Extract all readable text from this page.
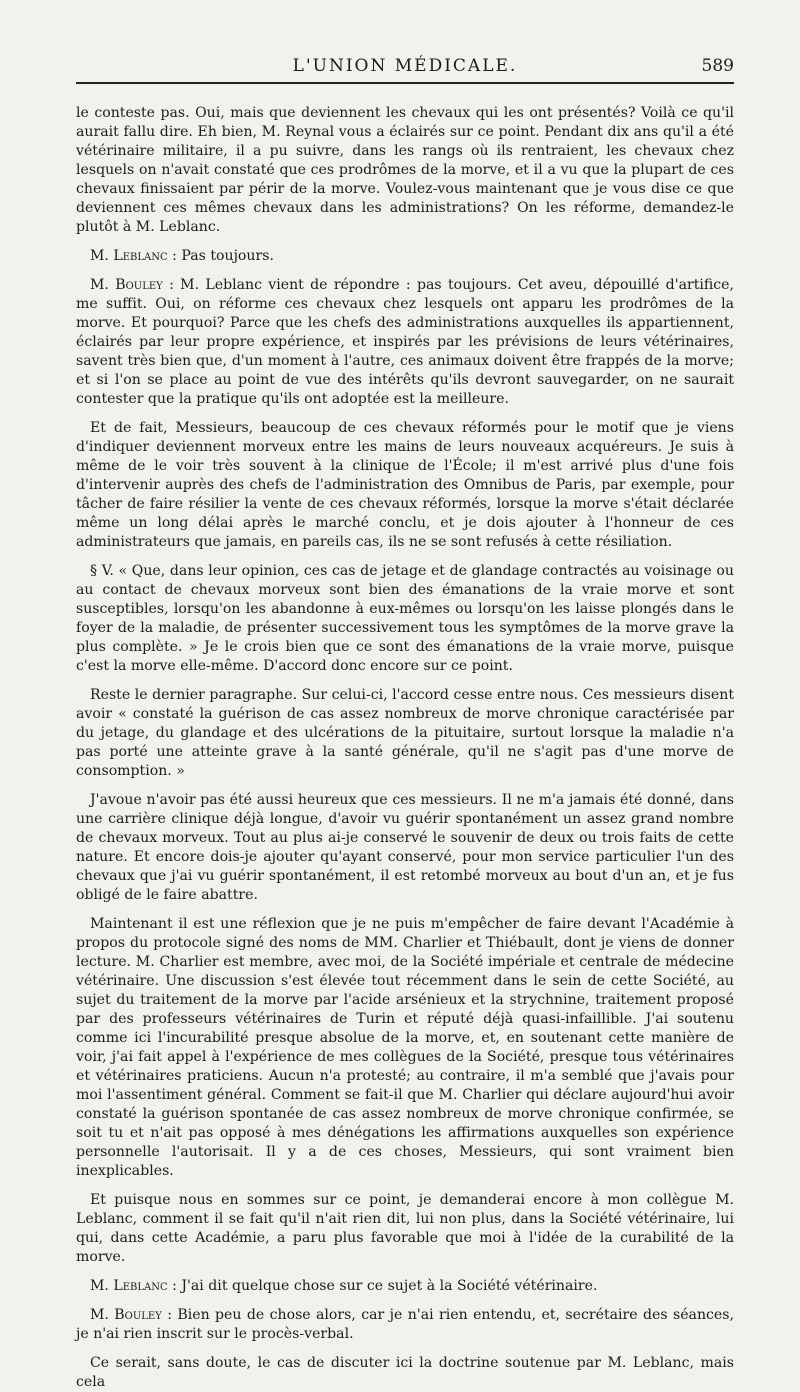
L'UNION MÉDICALE.	589

le conteste pas. Oui, mais que deviennent les chevaux qui les ont présentés? Voilà ce qu'il aurait fallu dire. Eh bien, M. Reynal vous a éclairés sur ce point. Pendant dix ans qu'il a été vétérinaire militaire, il a pu suivre, dans les rangs où ils rentraient, les chevaux chez lesquels on n'avait constaté que ces prodrômes de la morve, et il a vu que la plupart de ces chevaux finissaient par périr de la morve. Voulez-vous maintenant que je vous dise ce que deviennent ces mêmes chevaux dans les administrations? On les réforme, demandez-le plutôt à M. Leblanc.

M. Leblanc : Pas toujours.

M. Bouley : M. Leblanc vient de répondre : pas toujours. Cet aveu, dépouillé d'artifice, me suffit. Oui, on réforme ces chevaux chez lesquels ont apparu les prodrômes de la morve. Et pourquoi? Parce que les chefs des administrations auxquelles ils appartiennent, éclairés par leur propre expérience, et inspirés par les prévisions de leurs vétérinaires, savent très bien que, d'un moment à l'autre, ces animaux doivent être frappés de la morve; et si l'on se place au point de vue des intérêts qu'ils devront sauvegarder, on ne saurait contester que la pratique qu'ils ont adoptée est la meilleure.

Et de fait, Messieurs, beaucoup de ces chevaux réformés pour le motif que je viens d'indiquer deviennent morveux entre les mains de leurs nouveaux acquéreurs. Je suis à même de le voir très souvent à la clinique de l'École; il m'est arrivé plus d'une fois d'intervenir auprès des chefs de l'administration des Omnibus de Paris, par exemple, pour tâcher de faire résilier la vente de ces chevaux réformés, lorsque la morve s'était déclarée même un long délai après le marché conclu, et je dois ajouter à l'honneur de ces administrateurs que jamais, en pareils cas, ils ne se sont refusés à cette résiliation.

§ V. « Que, dans leur opinion, ces cas de jetage et de glandage contractés au voisinage ou au contact de chevaux morveux sont bien des émanations de la vraie morve et sont susceptibles, lorsqu'on les abandonne à eux-mêmes ou lorsqu'on les laisse plongés dans le foyer de la maladie, de présenter successivement tous les symptômes de la morve grave la plus complète. » Je le crois bien que ce sont des émanations de la vraie morve, puisque c'est la morve elle-même. D'accord donc encore sur ce point.

Reste le dernier paragraphe. Sur celui-ci, l'accord cesse entre nous. Ces messieurs disent avoir « constaté la guérison de cas assez nombreux de morve chronique caractérisée par du jetage, du glandage et des ulcérations de la pituitaire, surtout lorsque la maladie n'a pas porté une atteinte grave à la santé générale, qu'il ne s'agit pas d'une morve de consomption. »

J'avoue n'avoir pas été aussi heureux que ces messieurs. Il ne m'a jamais été donné, dans une carrière clinique déjà longue, d'avoir vu guérir spontanément un assez grand nombre de chevaux morveux. Tout au plus ai-je conservé le souvenir de deux ou trois faits de cette nature. Et encore dois-je ajouter qu'ayant conservé, pour mon service particulier l'un des chevaux que j'ai vu guérir spontanément, il est retombé morveux au bout d'un an, et je fus obligé de le faire abattre.

Maintenant il est une réflexion que je ne puis m'empêcher de faire devant l'Académie à propos du protocole signé des noms de MM. Charlier et Thiébault, dont je viens de donner lecture. M. Charlier est membre, avec moi, de la Société impériale et centrale de médecine vétérinaire. Une discussion s'est élevée tout récemment dans le sein de cette Société, au sujet du traitement de la morve par l'acide arsénieux et la strychnine, traitement proposé par des professeurs vétérinaires de Turin et réputé déjà quasi-infaillible. J'ai soutenu comme ici l'incurabilité presque absolue de la morve, et, en soutenant cette manière de voir, j'ai fait appel à l'expérience de mes collègues de la Société, presque tous vétérinaires et vétérinaires praticiens. Aucun n'a protesté; au contraire, il m'a semblé que j'avais pour moi l'assentiment général. Comment se fait-il que M. Charlier qui déclare aujourd'hui avoir constaté la guérison spontanée de cas assez nombreux de morve chronique confirmée, se soit tu et n'ait pas opposé à mes dénégations les affirmations auxquelles son expérience personnelle l'autorisait. Il y a de ces choses, Messieurs, qui sont vraiment bien inexplicables.

Et puisque nous en sommes sur ce point, je demanderai encore à mon collègue M. Leblanc, comment il se fait qu'il n'ait rien dit, lui non plus, dans la Société vétérinaire, lui qui, dans cette Académie, a paru plus favorable que moi à l'idée de la curabilité de la morve.

M. Leblanc : J'ai dit quelque chose sur ce sujet à la Société vétérinaire.

M. Bouley : Bien peu de chose alors, car je n'ai rien entendu, et, secrétaire des séances, je n'ai rien inscrit sur le procès-verbal.

Ce serait, sans doute, le cas de discuter ici la doctrine soutenue par M. Leblanc, mais cela
